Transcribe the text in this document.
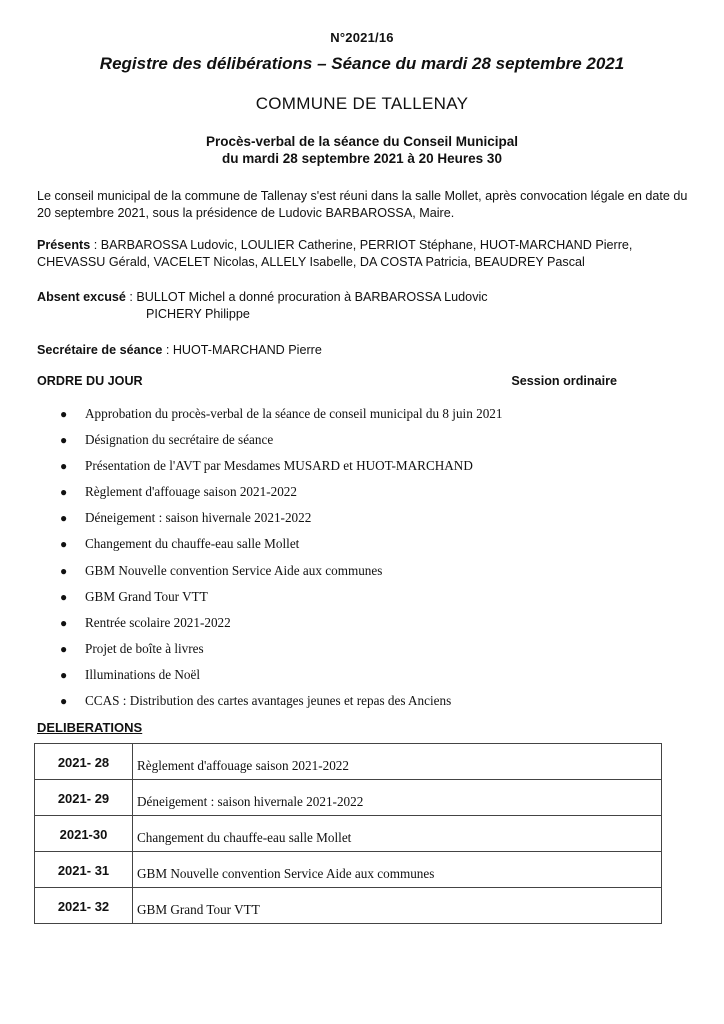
N°2021/16
Registre des délibérations – Séance du mardi 28 septembre 2021
COMMUNE DE TALLENAY
Procès-verbal de la séance du Conseil Municipal
du mardi 28 septembre 2021 à 20 Heures 30
Le conseil municipal de la commune de Tallenay s'est réuni dans la salle Mollet, après convocation légale en date du 20 septembre 2021, sous la présidence de Ludovic BARBAROSSA, Maire.
Présents : BARBAROSSA Ludovic, LOULIER Catherine, PERRIOT Stéphane, HUOT-MARCHAND Pierre, CHEVASSU Gérald, VACELET Nicolas, ALLELY Isabelle, DA COSTA Patricia, BEAUDREY Pascal
Absent excusé : BULLOT Michel a donné procuration à BARBAROSSA Ludovic
PICHERY Philippe
Secrétaire de séance : HUOT-MARCHAND Pierre
ORDRE DU JOUR	Session ordinaire
● Approbation du procès-verbal de la séance de conseil municipal du 8 juin 2021
● Désignation du secrétaire de séance
● Présentation de l'AVT par Mesdames MUSARD et HUOT-MARCHAND
● Règlement d'affouage saison 2021-2022
● Déneigement : saison hivernale 2021-2022
● Changement du chauffe-eau salle Mollet
● GBM Nouvelle convention Service Aide aux communes
● GBM Grand Tour VTT
● Rentrée scolaire 2021-2022
● Projet de boîte à livres
● Illuminations de Noël
● CCAS : Distribution des cartes avantages jeunes et repas des Anciens
DELIBERATIONS
2021- 28	Règlement d'affouage saison 2021-2022
2021- 29	Déneigement : saison hivernale 2021-2022
2021-30	Changement du chauffe-eau salle Mollet
2021- 31	GBM Nouvelle convention Service Aide aux communes
2021- 32	GBM Grand Tour VTT
